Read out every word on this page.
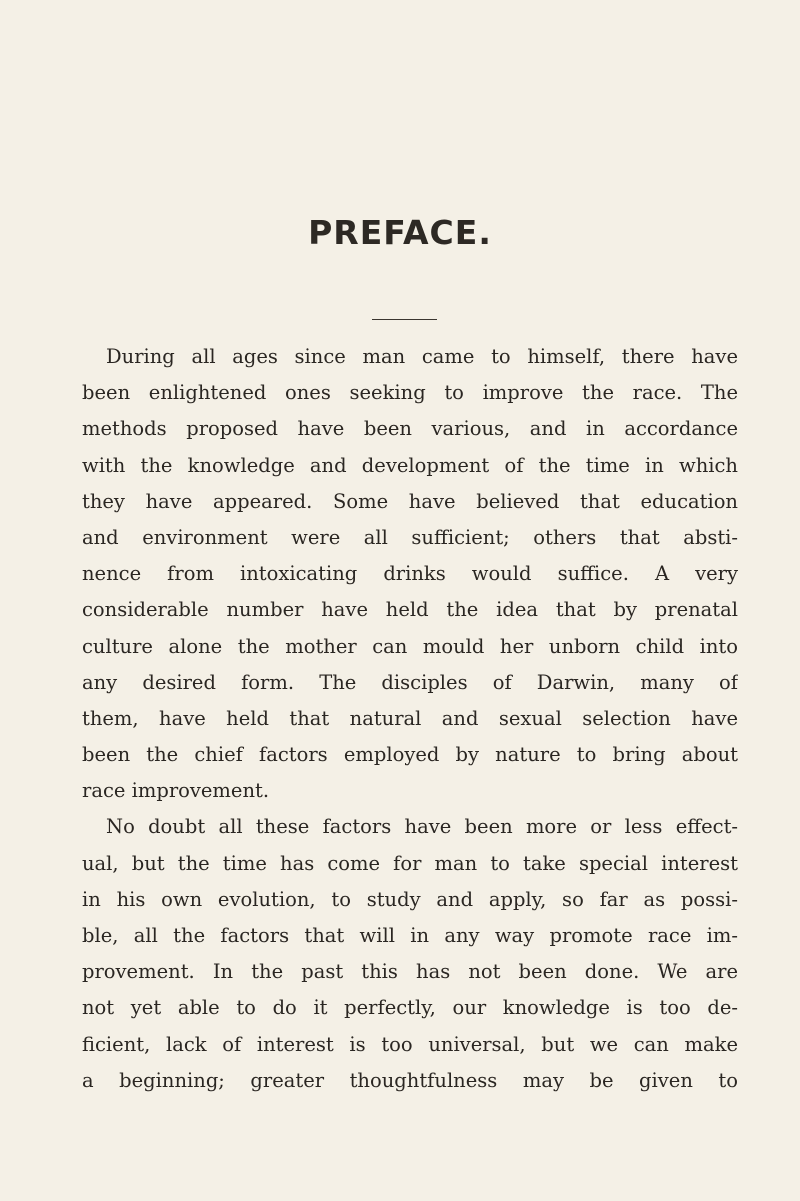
PREFACE.
During all ages since man came to himself, there have
been enlightened ones seeking to improve the race. The
methods proposed have been various, and in accordance
with the knowledge and development of the time in which
they have appeared. Some have believed that education
and environment were all sufficient; others that absti-
nence from intoxicating drinks would suffice. A very
considerable number have held the idea that by prenatal
culture alone the mother can mould her unborn child into
any desired form. The disciples of Darwin, many of
them, have held that natural and sexual selection have
been the chief factors employed by nature to bring about
race improvement.
No doubt all these factors have been more or less effect-
ual, but the time has come for man to take special interest
in his own evolution, to study and apply, so far as possi-
ble, all the factors that will in any way promote race im-
provement. In the past this has not been done. We are
not yet able to do it perfectly, our knowledge is too de-
ficient, lack of interest is too universal, but we can make
a beginning; greater thoughtfulness may be given to
